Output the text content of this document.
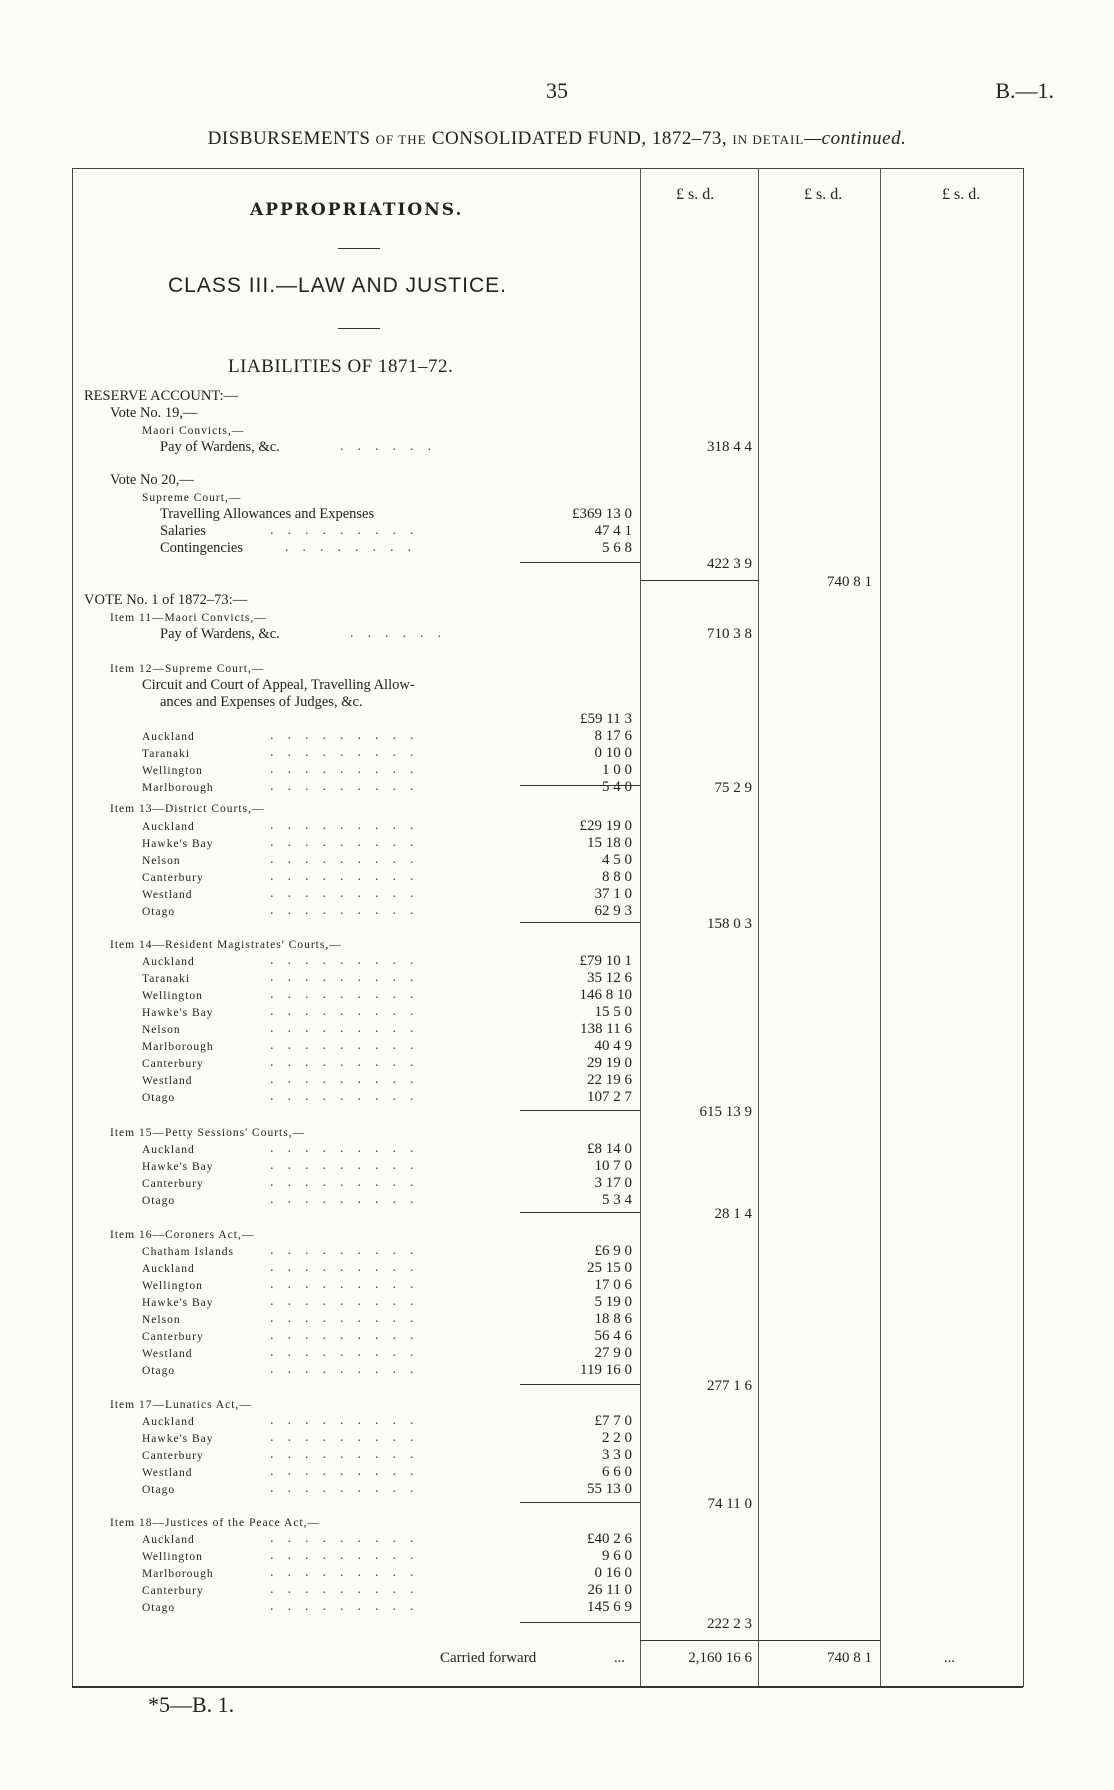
35	B.—1.
DISBURSEMENTS OF THE CONSOLIDATED FUND, 1872–73, IN DETAIL—continued.
£ s. d.	£ s. d.	£ s. d.
APPROPRIATIONS.
CLASS III.—LAW AND JUSTICE.
LIABILITIES OF 1871–72.
RESERVE ACCOUNT:—
Vote No. 19,—
Maori Convicts,—
Pay of Wardens, &c.	......	318 4 4
Vote No 20,—
Supreme Court,—
Travelling Allowances and Expenses	£369 13 0
Salaries	.........	47 4 1
Contingencies	........	5 6 8
422 3 9
740 8 1
VOTE No. 1 of 1872–73:—
Item 11—Maori Convicts,—
Pay of Wardens, &c.	......	710 3 8
Item 12—Supreme Court,—
Circuit and Court of Appeal, Travelling Allow-
ances and Expenses of Judges, &c.
£59 11 3
Auckland	.........	8 17 6
Taranaki	.........	0 10 0
Wellington	.........	1 0 0
Marlborough	.........	5 4 0	75 2 9
Item 13—District Courts,—
Auckland	.........	£29 19 0
Hawke's Bay	.........	15 18 0
Nelson	.........	4 5 0
Canterbury	.........	8 8 0
Westland	.........	37 1 0
Otago	.........	62 9 3
158 0 3
Item 14—Resident Magistrates' Courts,—
Auckland	.........	£79 10 1
Taranaki	.........	35 12 6
Wellington	.........	146 8 10
Hawke's Bay	.........	15 5 0
Nelson	.........	138 11 6
Marlborough	.........	40 4 9
Canterbury	.........	29 19 0
Westland	.........	22 19 6
Otago	.........	107 2 7
615 13 9
Item 15—Petty Sessions' Courts,—
Auckland	.........	£8 14 0
Hawke's Bay	.........	10 7 0
Canterbury	.........	3 17 0
Otago	.........	5 3 4
28 1 4
Item 16—Coroners Act,—
Chatham Islands	.........	£6 9 0
Auckland	.........	25 15 0
Wellington	.........	17 0 6
Hawke's Bay	.........	5 19 0
Nelson	.........	18 8 6
Canterbury	.........	56 4 6
Westland	.........	27 9 0
Otago	.........	119 16 0
277 1 6
Item 17—Lunatics Act,—
Auckland	.........	£7 7 0
Hawke's Bay	.........	2 2 0
Canterbury	.........	3 3 0
Westland	.........	6 6 0
Otago	.........	55 13 0
74 11 0
Item 18—Justices of the Peace Act,—
Auckland	.........	£40 2 6
Wellington	.........	9 6 0
Marlborough	.........	0 16 0
Canterbury	.........	26 11 0
Otago	.........	145 6 9
222 2 3
Carried forward	...	2,160 16 6	740 8 1	...
*5—B. 1.
